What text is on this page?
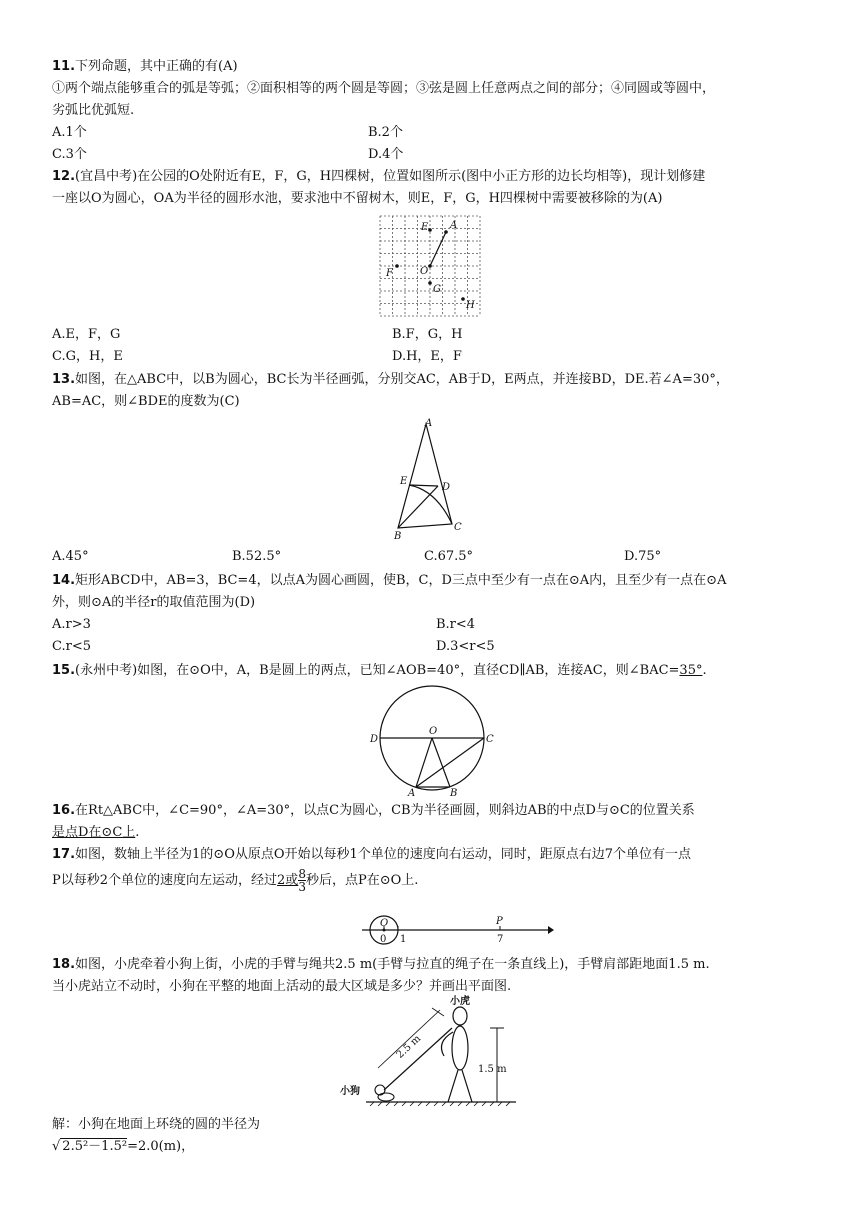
11.下列命题，其中正确的有(A)
①两个端点能够重合的弧是等弧；②面积相等的两个圆是等圆；③弦是圆上任意两点之间的部分；④同圆或等圆中，
劣弧比优弧短.
A.1个	B.2个
C.3个	D.4个
12.(宜昌中考)在公园的O处附近有E，F，G，H四棵树，位置如图所示(图中小正方形的边长均相等)，现计划修建
一座以O为圆心，OA为半径的圆形水池，要求池中不留树木，则E，F，G，H四棵树中需要被移除的为(A)
E A
F	O
G
H
A.E，F，G	B.F，G，H
C.G，H，E	D.H，E，F
13.如图，在△ABC中，以B为圆心，BC长为半径画弧，分别交AC，AB于D，E两点，并连接BD，DE.若∠A=30°，
AB=AC，则∠BDE的度数为(C)
A
E
D
B
C
A.45°	B.52.5°	C.67.5°	D.75°
14.矩形ABCD中，AB=3，BC=4，以点A为圆心画圆，使B，C，D三点中至少有一点在⊙A内，且至少有一点在⊙A
外，则⊙A的半径r的取值范围为(D)
A.r>3	B.r<4
C.r<5	D.3<r<5
15.(永州中考)如图，在⊙O中，A，B是圆上的两点，已知∠AOB=40°，直径CD∥AB，连接AC，则∠BAC=35°.
O
D	C
A	B
16.在Rt△ABC中，∠C=90°，∠A=30°，以点C为圆心，CB为半径画圆，则斜边AB的中点D与⊙C的位置关系
是点D在⊙C上.
17.如图，数轴上半径为1的⊙O从原点O开始以每秒1个单位的速度向右运动，同时，距原点右边7个单位有一点
P以每秒2个单位的速度向左运动，经过2或 $\frac{8}{3}$ 秒后，点P在⊙O上.
O
0 1
P
7
18.如图，小虎牵着小狗上街，小虎的手臂与绳共2.5 m(手臂与拉直的绳子在一条直线上)，手臂肩部距地面1.5 m.
当小虎站立不动时，小狗在平整的地面上活动的最大区域是多少？并画出平面图.
小虎
小狗
2.5 m
1.5 m
解：小狗在地面上环绕的圆的半径为
√ 2.5²－1.5²=2.0(m)，
